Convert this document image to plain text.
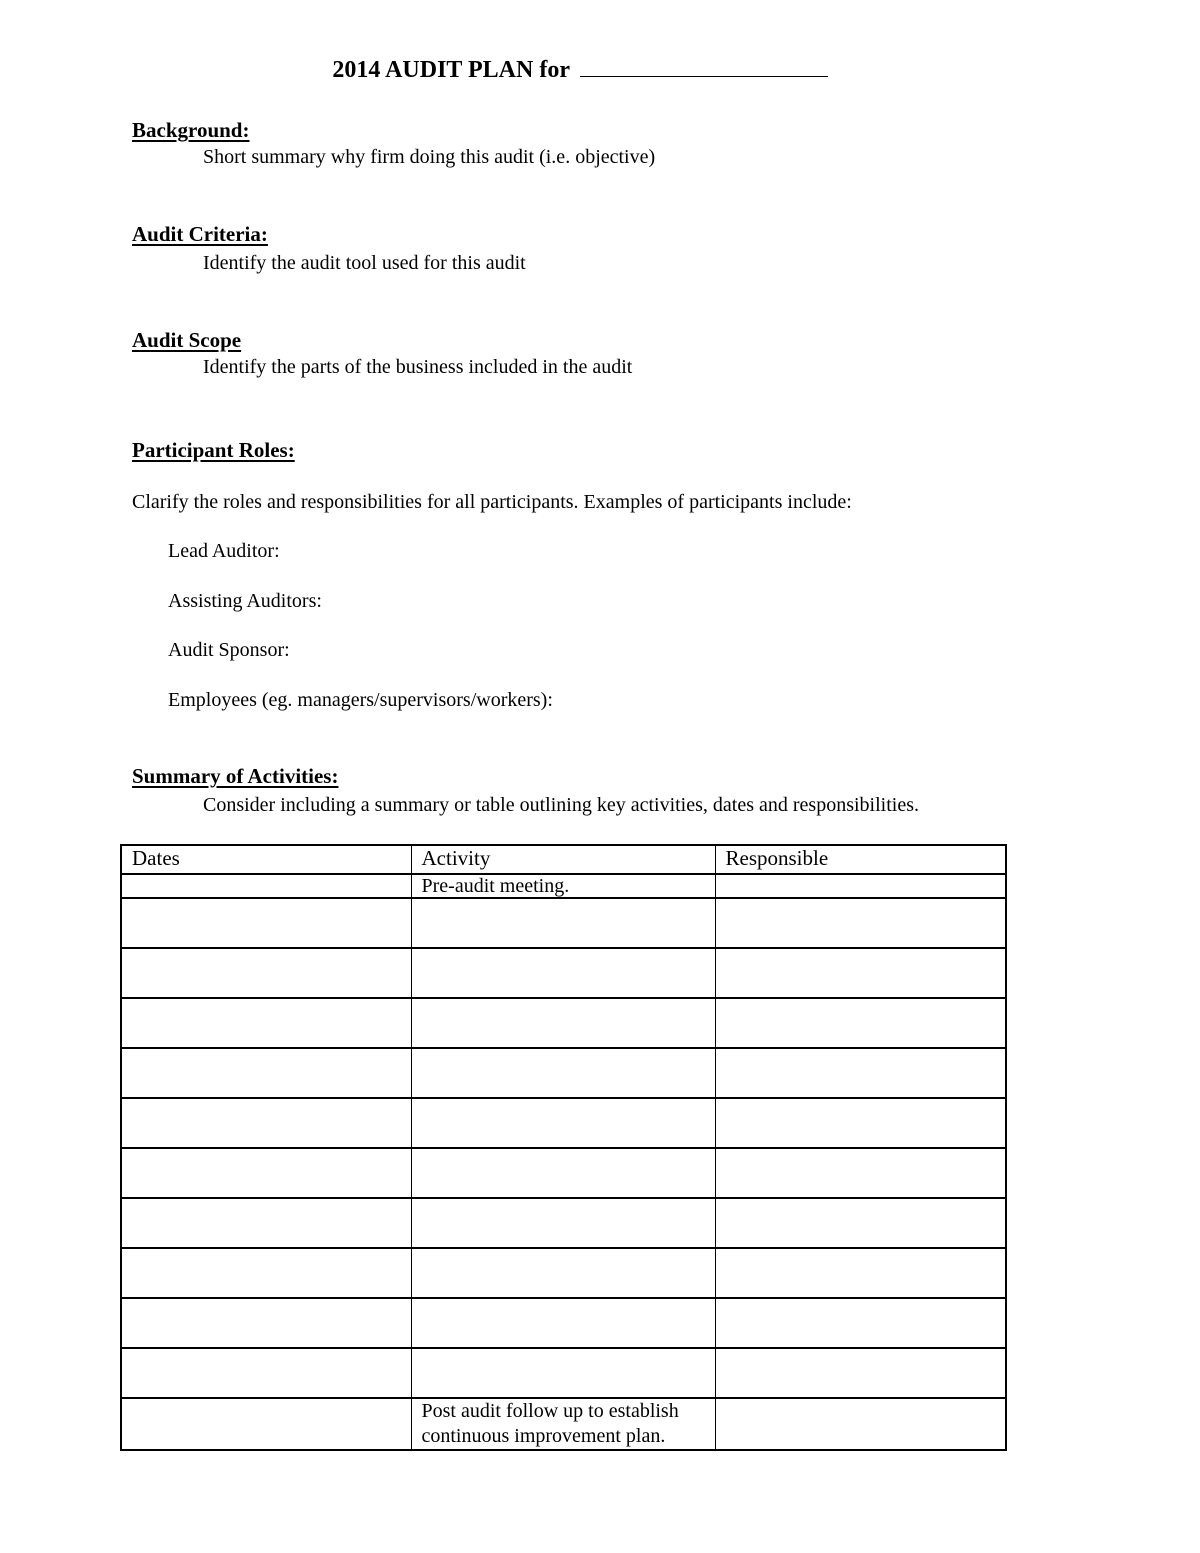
2014 AUDIT PLAN for
Background:
Short summary why firm doing this audit (i.e. objective)
Audit Criteria:
Identify the audit tool used for this audit
Audit Scope
Identify the parts of the business included in the audit
Participant Roles:
Clarify the roles and responsibilities for all participants. Examples of participants include:
Lead Auditor:
Assisting Auditors:
Audit Sponsor:
Employees (eg. managers/supervisors/workers):
Summary of Activities:
Consider including a summary or table outlining key activities, dates and responsibilities.
Dates	Activity	Responsible
	Pre-audit meeting.	

	Post audit follow up to establish continuous improvement plan.	
